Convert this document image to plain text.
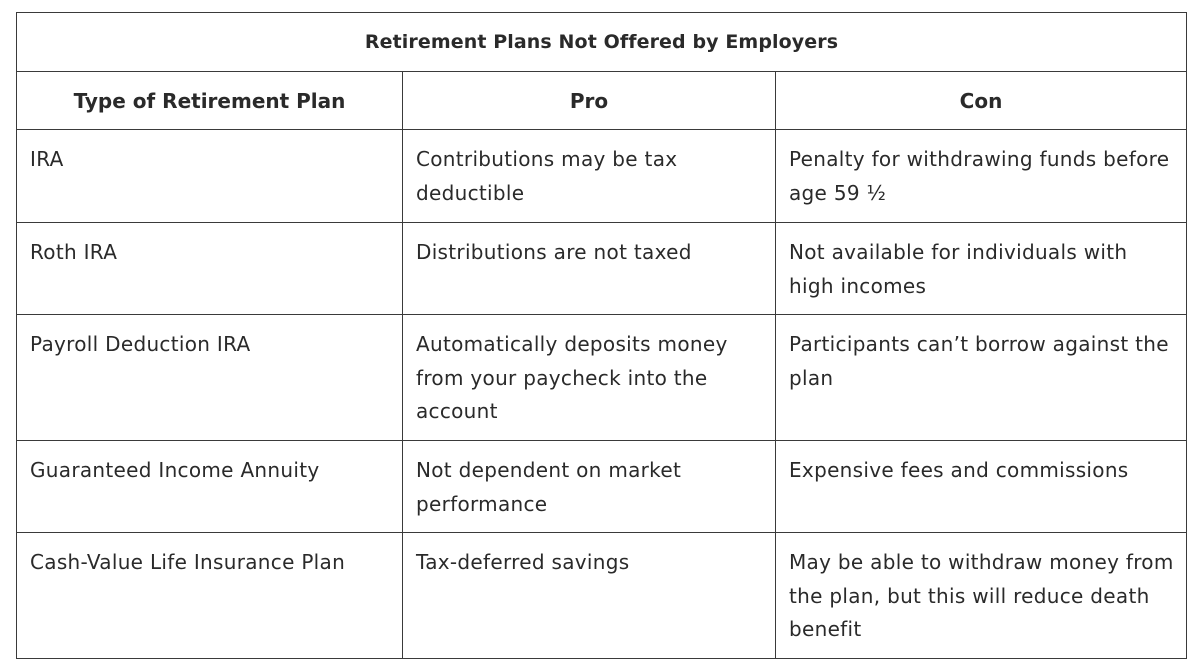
Retirement Plans Not Offered by Employers		
Type of Retirement Plan	Pro	Con
IRA	Contributions may be tax deductible	Penalty for withdrawing funds before age 59 ½
Roth IRA	Distributions are not taxed	Not available for individuals with high incomes
Payroll Deduction IRA	Automatically deposits money from your paycheck into the account	Participants can’t borrow against the plan
Guaranteed Income Annuity	Not dependent on market performance	Expensive fees and commissions
Cash-Value Life Insurance Plan	Tax-deferred savings	May be able to withdraw money from the plan, but this will reduce death benefit
